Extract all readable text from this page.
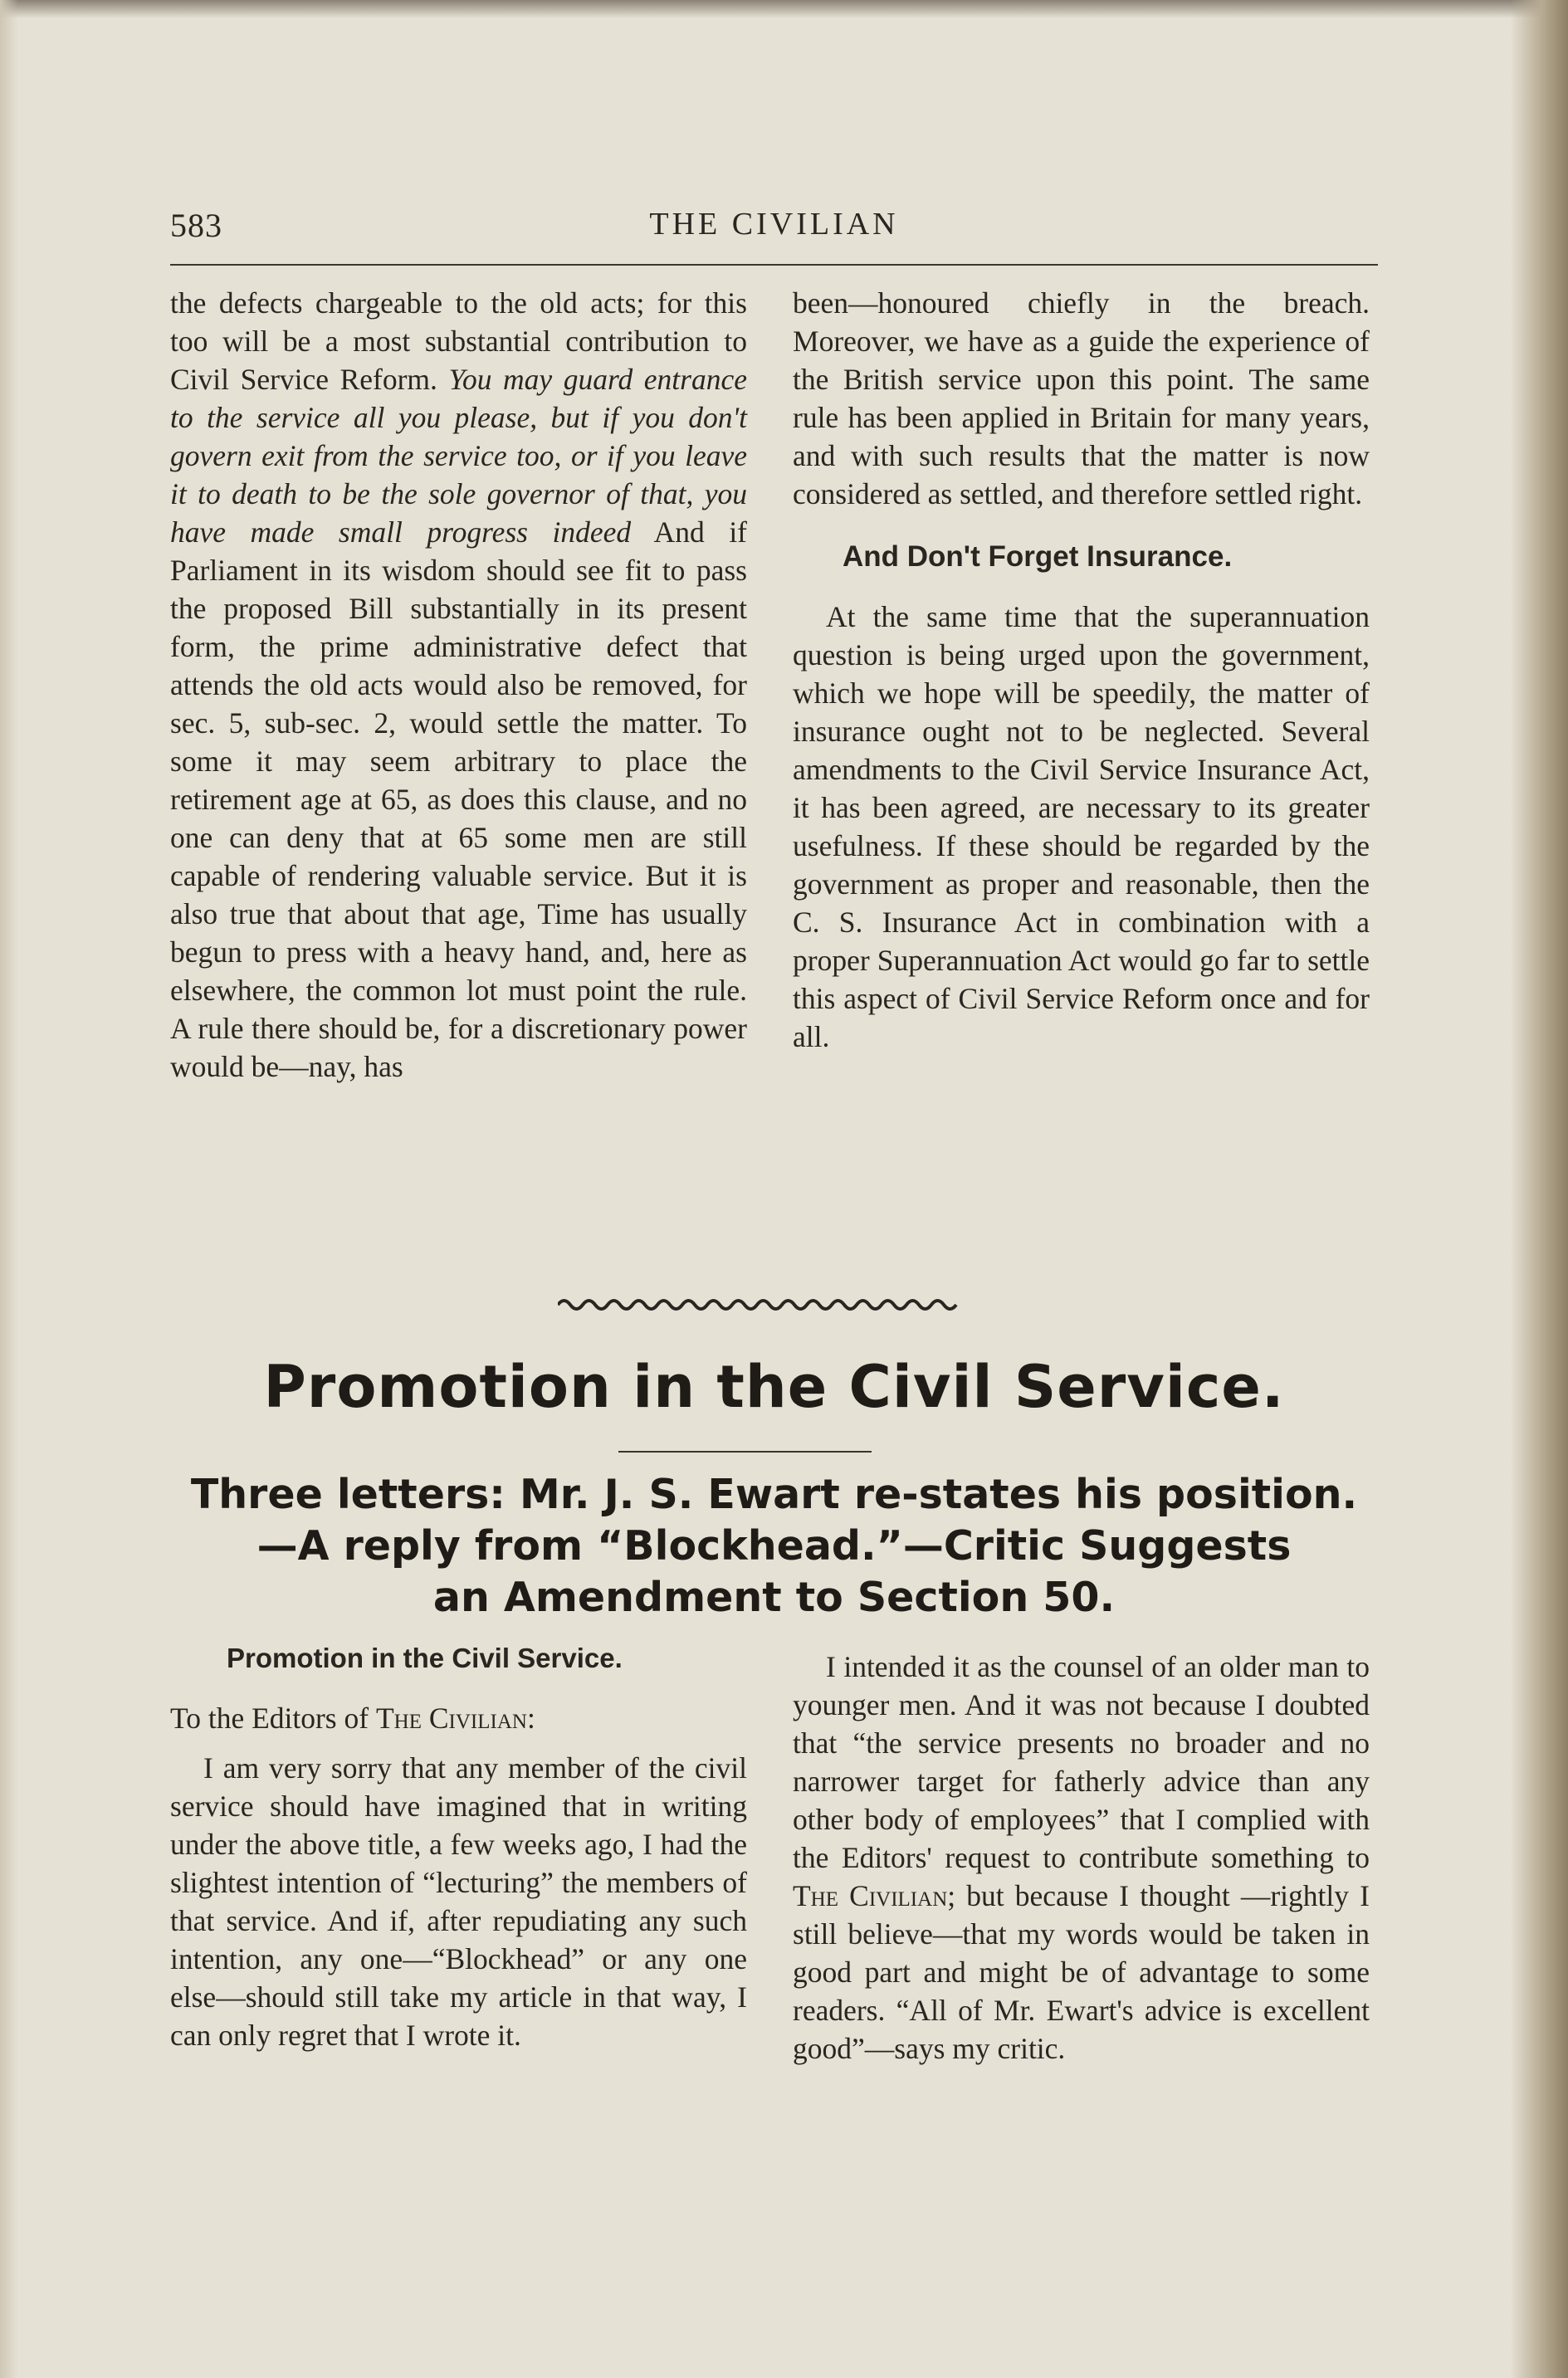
583	THE CIVILIAN

the defects chargeable to the old acts; for this too will be a most substantial contribution to Civil Service Reform. You may guard entrance to the service all you please, but if you don't govern exit from the service too, or if you leave it to death to be the sole governor of that, you have made small progress indeed And if Parliament in its wisdom should see fit to pass the proposed Bill substantially in its present form, the prime administrative defect that attends the old acts would also be removed, for sec. 5, sub-sec. 2, would settle the matter. To some it may seem arbitrary to place the retirement age at 65, as does this clause, and no one can deny that at 65 some men are still capable of rendering valuable service. But it is also true that about that age, Time has usually begun to press with a heavy hand, and, here as elsewhere, the common lot must point the rule. A rule there should be, for a discretionary power would be—nay, has

been—honoured chiefly in the breach. Moreover, we have as a guide the experience of the British service upon this point. The same rule has been applied in Britain for many years, and with such results that the matter is now considered as settled, and therefore settled right.

And Don't Forget Insurance.

At the same time that the superannuation question is being urged upon the government, which we hope will be speedily, the matter of insurance ought not to be neglected. Several amendments to the Civil Service Insurance Act, it has been agreed, are necessary to its greater usefulness. If these should be regarded by the government as proper and reasonable, then the C. S. Insurance Act in combination with a proper Superannuation Act would go far to settle this aspect of Civil Service Reform once and for all.

Promotion in the Civil Service.
Three letters: Mr. J. S. Ewart re-states his position.
—A reply from “Blockhead.”—Critic Suggests
an Amendment to Section 50.

Promotion in the Civil Service.

To the Editors of The Civilian:

I am very sorry that any member of the civil service should have imagined that in writing under the above title, a few weeks ago, I had the slightest intention of “lecturing” the members of that service. And if, after repudiating any such intention, any one—“Blockhead” or any one else—should still take my article in that way, I can only regret that I wrote it.

I intended it as the counsel of an older man to younger men. And it was not because I doubted that “the service presents no broader and no narrower target for fatherly advice than any other body of employees” that I complied with the Editors' request to contribute something to The Civilian; but because I thought —rightly I still believe—that my words would be taken in good part and might be of advantage to some readers. “All of Mr. Ewart's advice is excellent good”—says my critic.
